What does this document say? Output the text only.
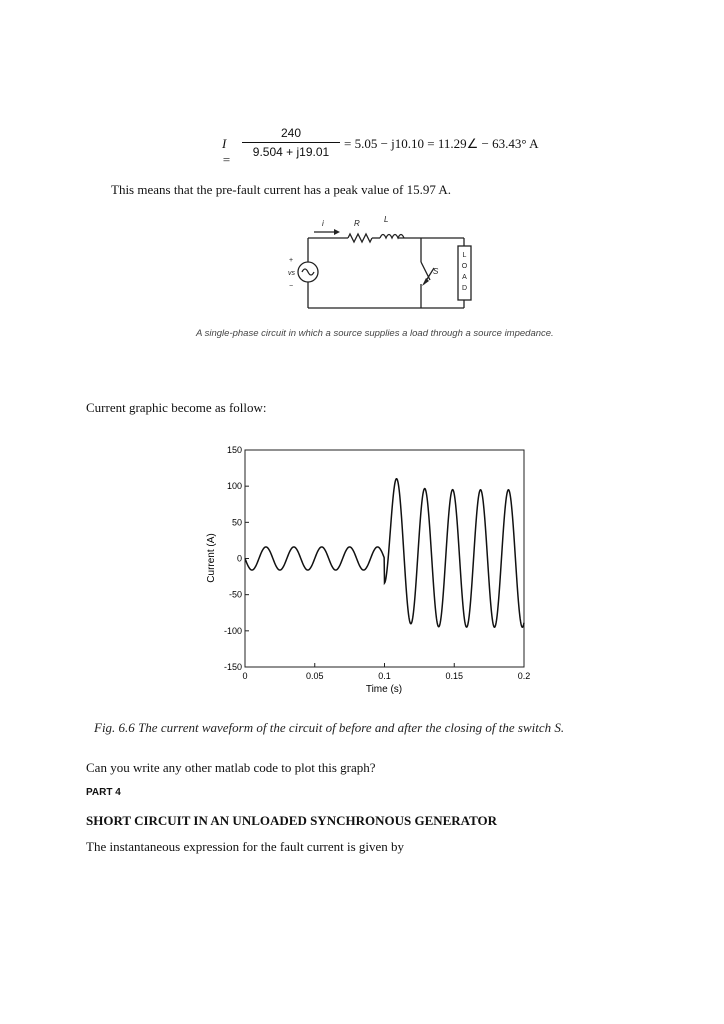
I =
$\frac{240}{9.504 + j19.01} = 5.05 - j10.10$ = 11.29∠ − 63.43° A
This means that the pre-fault current has a peak value of 15.97 A.
i	R	L
vs
+
−
S
L
O
A
D
A single-phase circuit in which a source supplies a load through a source impedance.
Current graphic become as follow:
0	0.05	0.1	0.15	0.2
150
100
50
0
-50
-100
-150
Time (s)
Current (A)
Fig. 6.6 The current waveform of the circuit of before and after the closing of the switch S.
Can you write any other matlab code to plot this graph?
PART 4
SHORT CIRCUIT IN AN UNLOADED SYNCHRONOUS GENERATOR
The instantaneous expression for the fault current is given by
